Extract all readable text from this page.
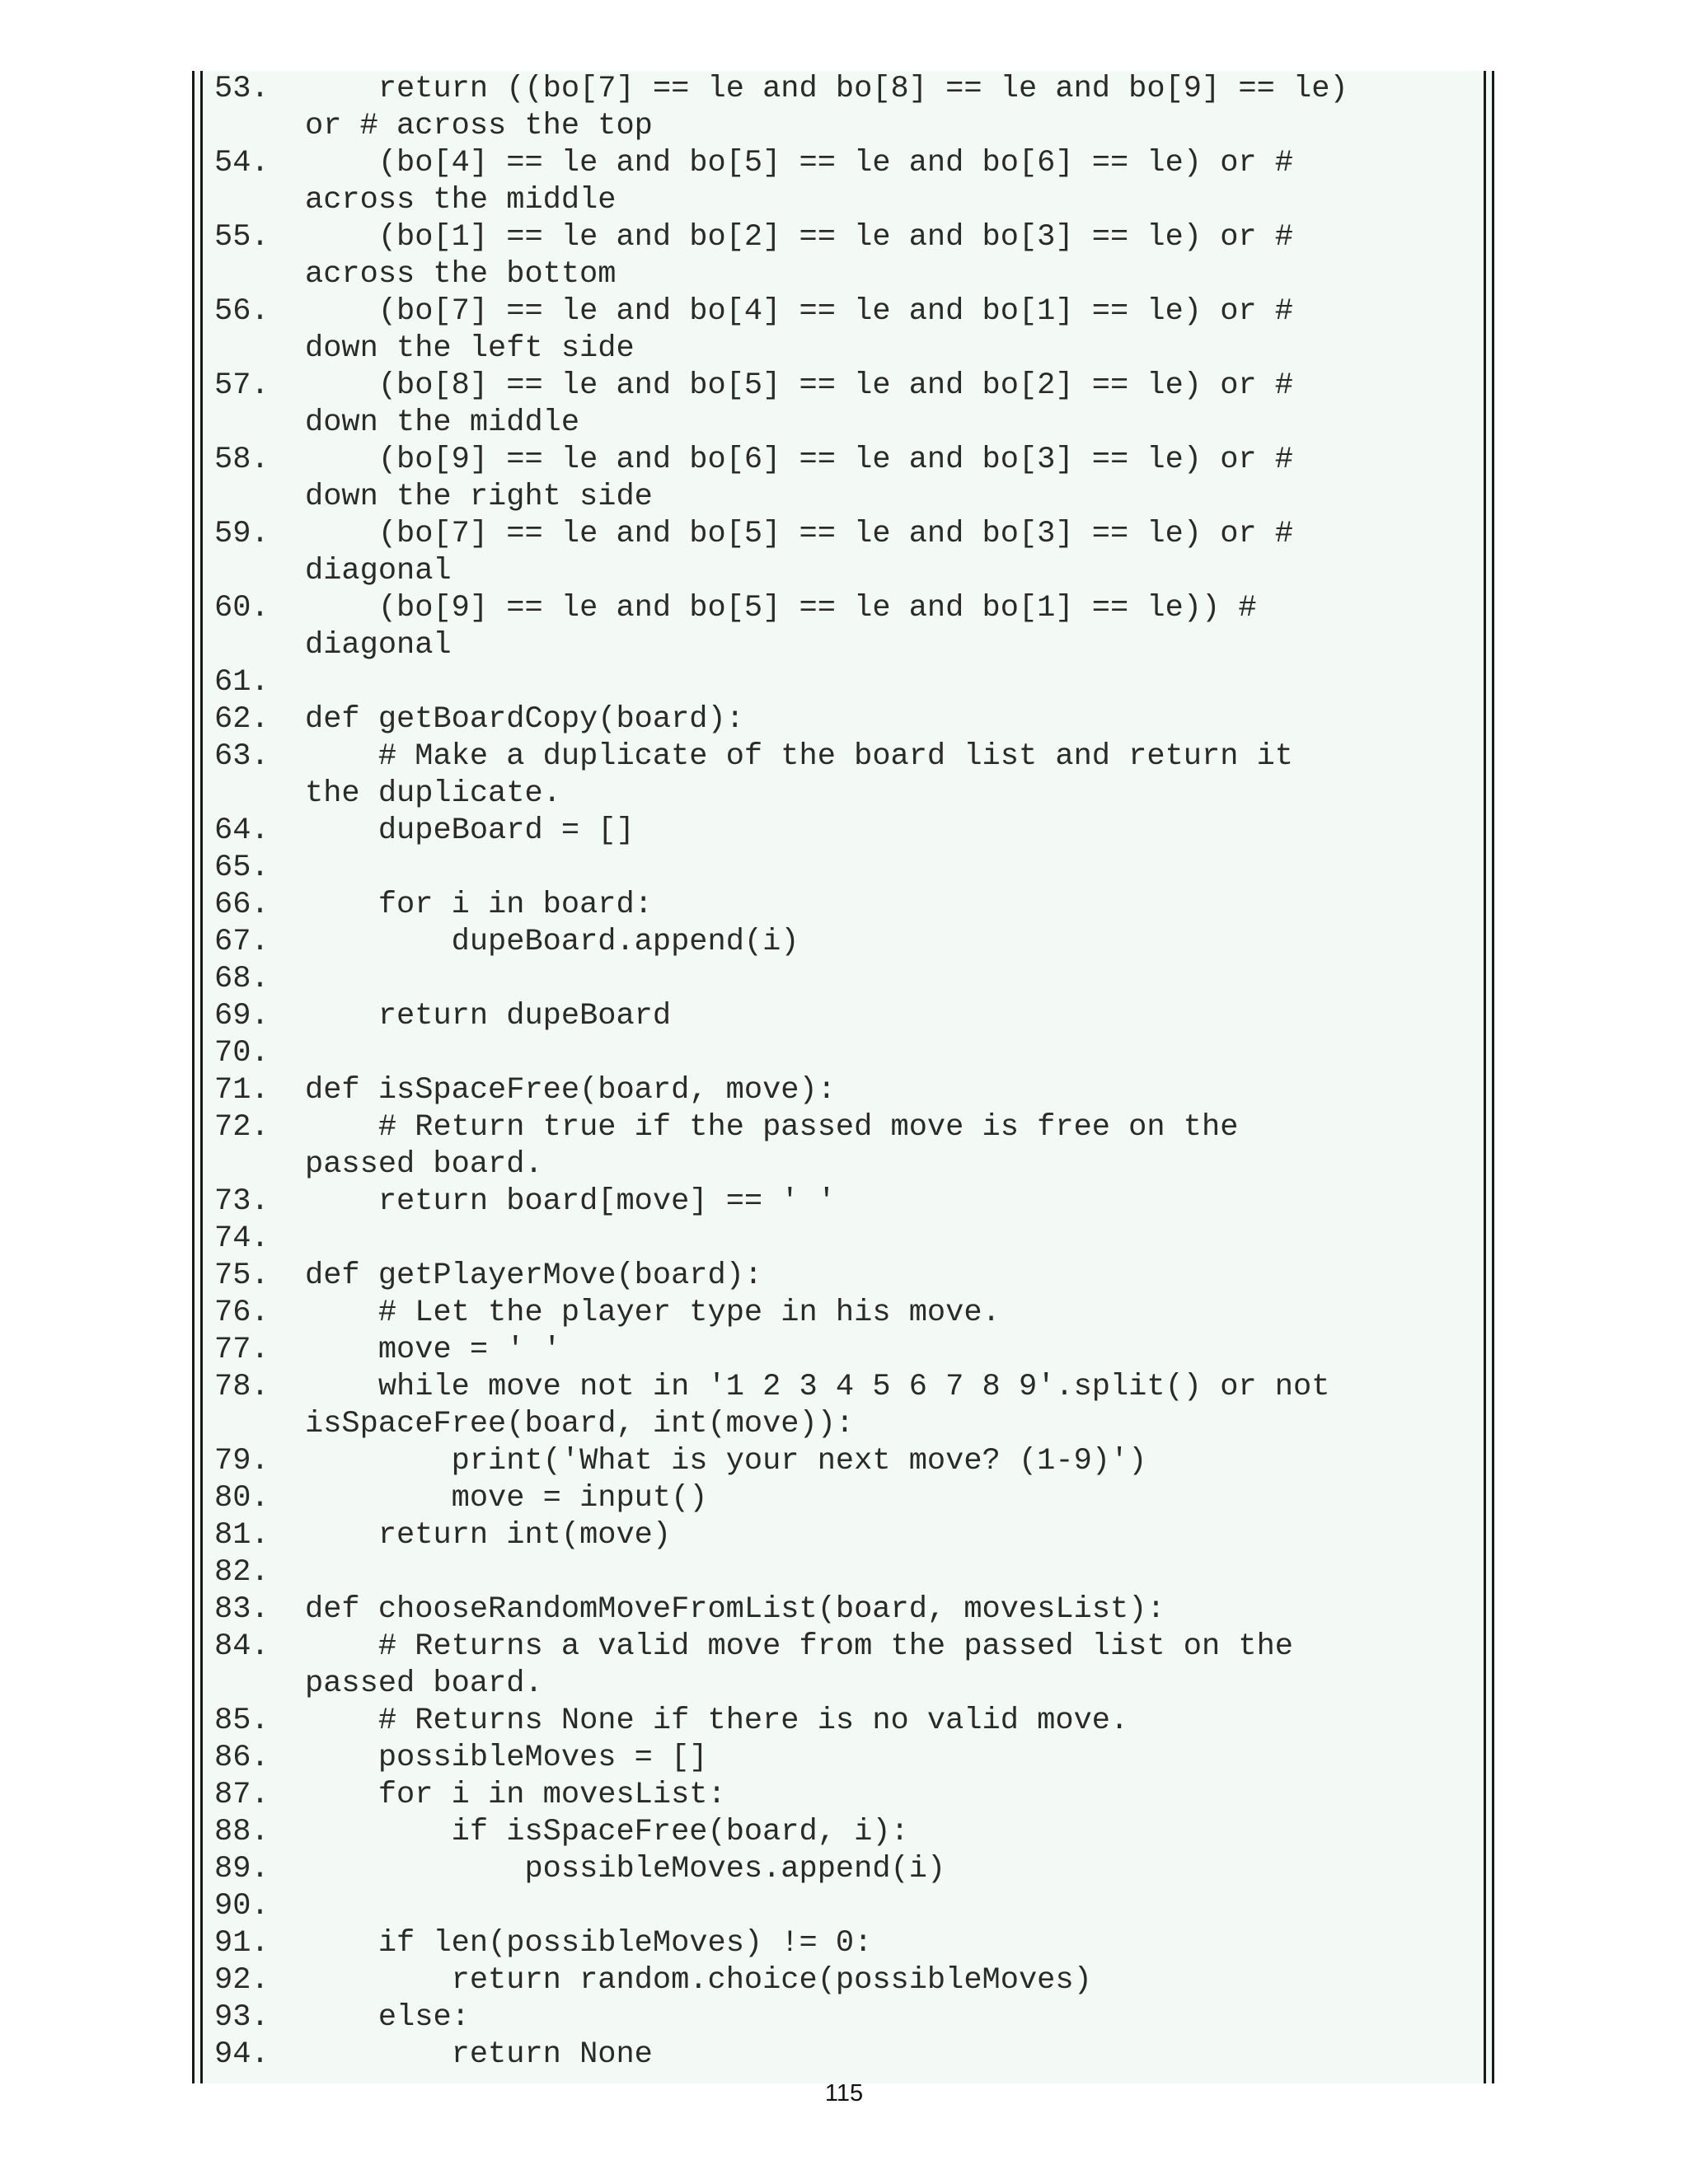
53.	return ((bo[7] == le and bo[8] == le and bo[9] == le)
or # across the top
54.	(bo[4] == le and bo[5] == le and bo[6] == le) or #
across the middle
55.	(bo[1] == le and bo[2] == le and bo[3] == le) or #
across the bottom
56.	(bo[7] == le and bo[4] == le and bo[1] == le) or #
down the left side
57.	(bo[8] == le and bo[5] == le and bo[2] == le) or #
down the middle
58.	(bo[9] == le and bo[6] == le and bo[3] == le) or #
down the right side
59.	(bo[7] == le and bo[5] == le and bo[3] == le) or #
diagonal
60.	(bo[9] == le and bo[5] == le and bo[1] == le)) #
diagonal
61.
62.	def getBoardCopy(board):
63.	# Make a duplicate of the board list and return it
the duplicate.
64.	dupeBoard = []
65.
66.	for i in board:
67.	dupeBoard.append(i)
68.
69.	return dupeBoard
70.
71.	def isSpaceFree(board, move):
72.	# Return true if the passed move is free on the
passed board.
73.	return board[move] == ' '
74.
75.	def getPlayerMove(board):
76.	# Let the player type in his move.
77.	move = ' '
78.	while move not in '1 2 3 4 5 6 7 8 9'.split() or not
isSpaceFree(board, int(move)):
79.	print('What is your next move? (1-9)')
80.	move = input()
81.	return int(move)
82.
83.	def chooseRandomMoveFromList(board, movesList):
84.	# Returns a valid move from the passed list on the
passed board.
85.	# Returns None if there is no valid move.
86.	possibleMoves = []
87.	for i in movesList:
88.	if isSpaceFree(board, i):
89.	possibleMoves.append(i)
90.
91.	if len(possibleMoves) != 0:
92.	return random.choice(possibleMoves)
93.	else:
94.	return None
115
